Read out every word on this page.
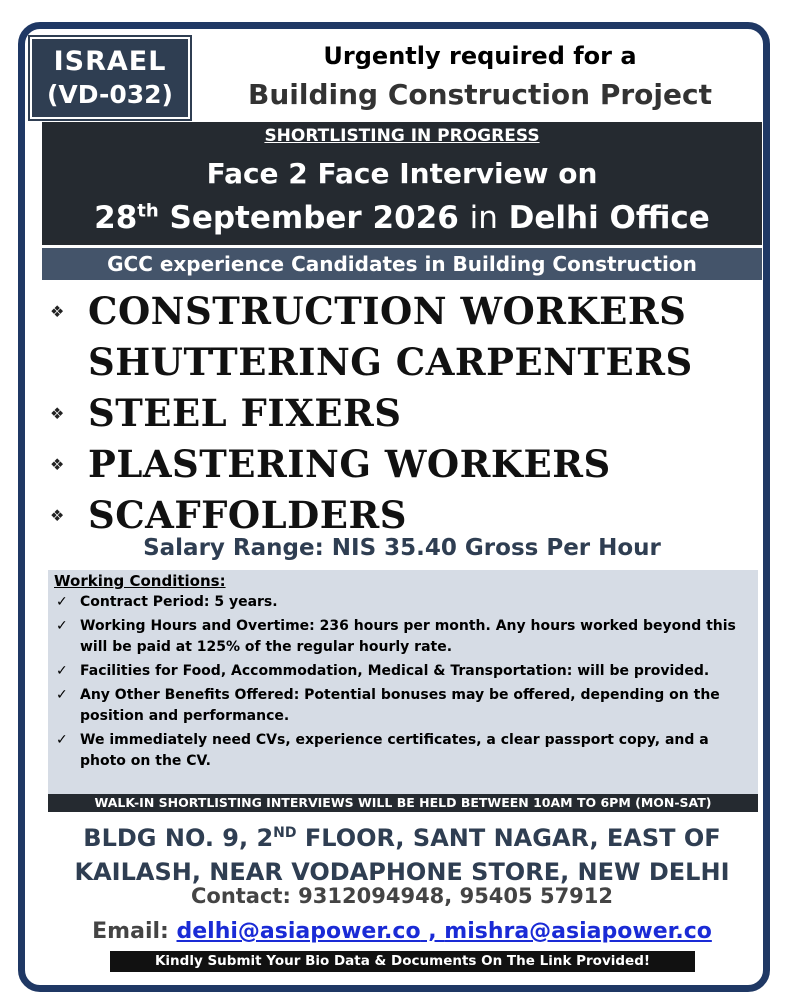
ISRAEL
(VD-032)
Urgently required for a
Building Construction Project
SHORTLISTING IN PROGRESS
Face 2 Face Interview on
28th September 2026 in Delhi Office
GCC experience Candidates in Building Construction
❖ CONSTRUCTION WORKERS
SHUTTERING CARPENTERS
❖ STEEL FIXERS
❖ PLASTERING WORKERS
❖ SCAFFOLDERS
Salary Range: NIS 35.40 Gross Per Hour
Working Conditions:
✓ Contract Period: 5 years.
✓ Working Hours and Overtime: 236 hours per month. Any hours worked beyond this will be paid at 125% of the regular hourly rate.
✓ Facilities for Food, Accommodation, Medical & Transportation: will be provided.
✓ Any Other Benefits Offered: Potential bonuses may be offered, depending on the position and performance.
✓ We immediately need CVs, experience certificates, a clear passport copy, and a photo on the CV.
WALK-IN SHORTLISTING INTERVIEWS WILL BE HELD BETWEEN 10AM TO 6PM (MON-SAT)
BLDG NO. 9, 2ND FLOOR, SANT NAGAR, EAST OF
KAILASH, NEAR VODAPHONE STORE, NEW DELHI
Contact: 9312094948, 95405 57912
Email: delhi@asiapower.co , mishra@asiapower.co
Kindly Submit Your Bio Data & Documents On The Link Provided!
